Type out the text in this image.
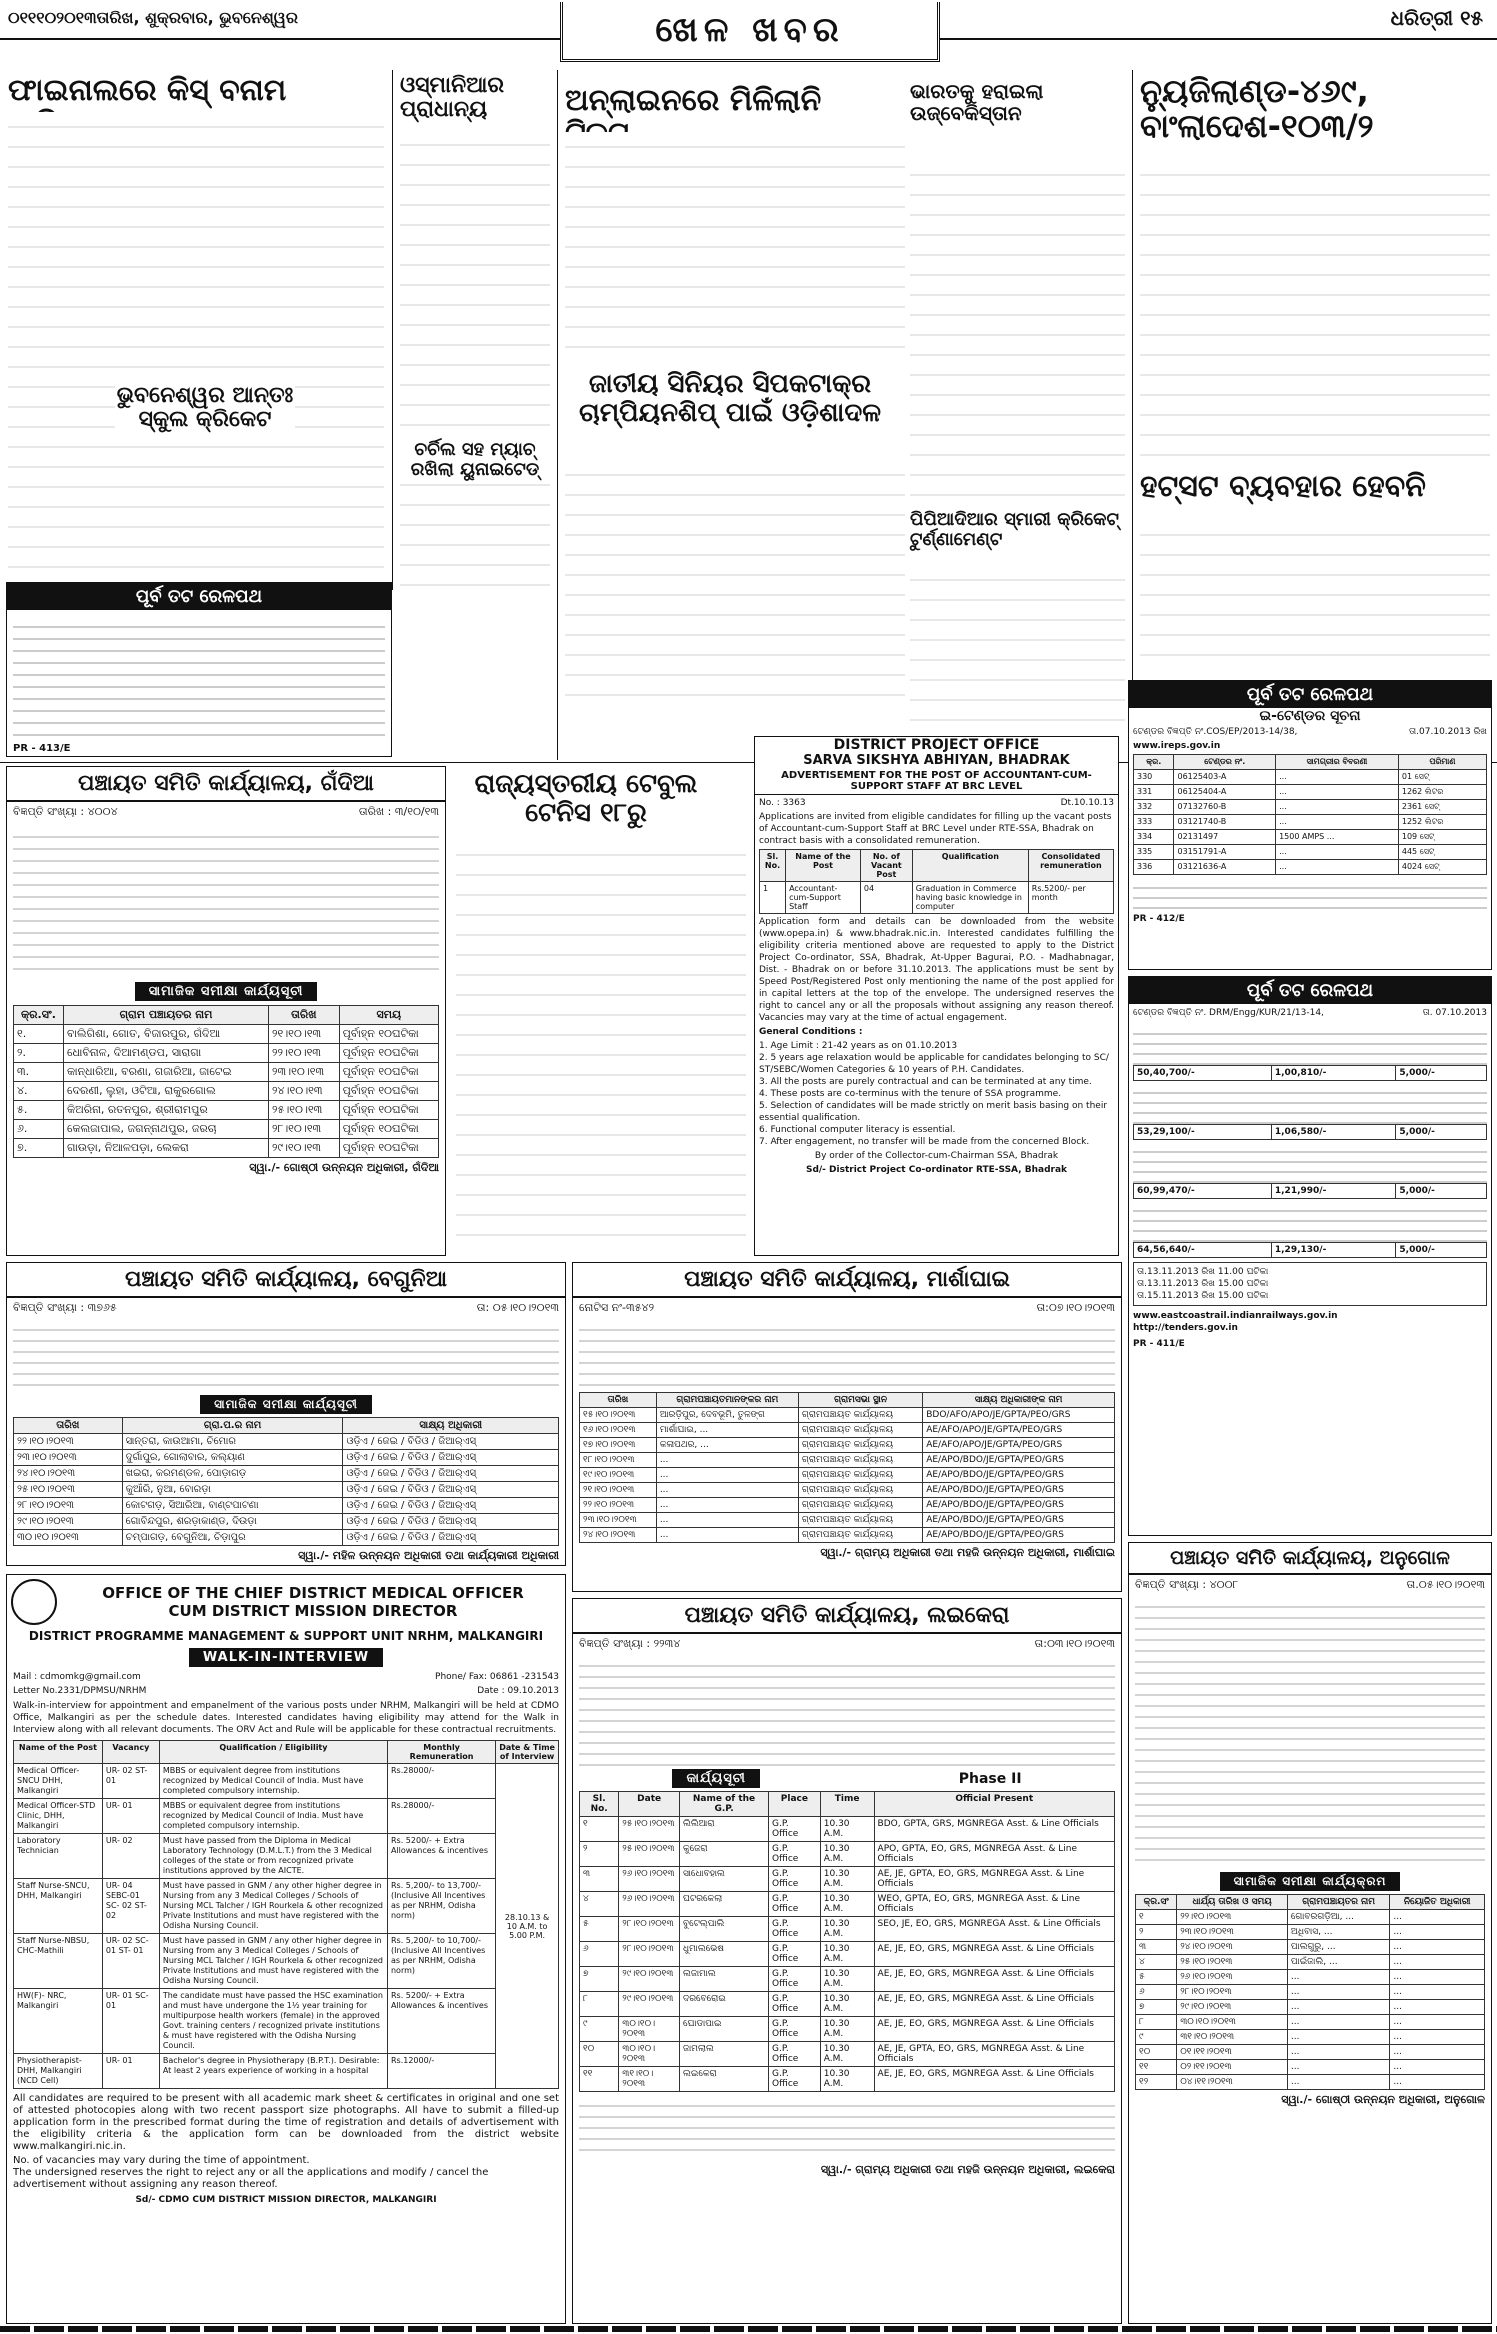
୦୧୧୧୦୨୦୧୩ତାରିଖ, ଶୁକ୍ରବାର, ଭୁବନେଶ୍ୱର	ଖେଳ ଖବର	ଧରିତ୍ରୀ ୧୫
ଫାଇନାଲରେ କିସ୍ ବନାମ
ଭୁବନେଶ୍ୱର ଆନ୍ତଃ ସ୍କୁଲ କ୍ରିକେଟ
ଓସ୍‌ମାନିଆର ପ୍ରାଧାନ୍ୟ
ଚର୍ଚିଲ ସହ ମ୍ୟାଚ୍ ରଖିଲା ୟୁନାଇଟେଡ୍
ଅନ୍‌ଲାଇନରେ ମିଳିଲାନି
ଜାତୀୟ ସିନିୟର ସିପକଟାକ୍ର ଚାମ୍ପିୟନଶିପ୍ ପାଇଁ ଓଡ଼ିଶାଦଳ
ଭାରତକୁ ହରାଇଲା ଉଜ୍‌ବେକିସ୍ତାନ
ପିପିଆଦିଆର ସ୍ମାରୀ କ୍ରିକେଟ୍ ଟୁର୍ଣ୍ଣାମେଣ୍ଟ
ନ୍ୟୁଜିଲାଣ୍ଡ-୪୬୯, ବାଂଲାଦେଶ-୧୦୩/୨
ହଟ୍‌ସଟ ବ୍ୟବହାର ହେବନି
ପୂର୍ବ ତଟ ରେଳପଥ
PR - 413/E
ପଞ୍ଚାୟତ ସମିତି କାର୍ଯ୍ୟାଳୟ, ଗଁଦିଆ
ବିଜ୍ଞପ୍ତି ସଂଖ୍ୟା : ୪୦୦୪	ତାରିଖ : ୩/୧୦/୧୩
ସାମାଜିକ ସମୀକ୍ଷା କାର୍ଯ୍ୟସୂଚୀ
କ୍ର.ସଂ.	ଗ୍ରାମ ପଞ୍ଚାୟତର ନାମ	ତାରିଖ	ସମୟ
୧.	ବାଲିଗିଶା, ଗୋତ, ବିଜାରପୁର, ଗଁଦିଆ	୨୧।୧୦।୧୩	ପୂର୍ବାହ୍ନ ୧୦ଘଟିକା
୨.	ଧୋବିନାଳ, ଦିଆମଣ୍ଡପ, ସାରାଗା	୨୨।୧୦।୧୩	ପୂର୍ବାହ୍ନ ୧୦ଘଟିକା
୩.	କାନ୍ଧାରିଆ, ବରଣା, ଗଜାରିଆ, ଜାଟେଇ	୨୩।୧୦।୧୩	ପୂର୍ବାହ୍ନ ୧୦ଘଟିକା
୪.	ଦେରଣୀ, ଲୁହା, ଓଟିଆ, ରାକୁରଗୋଲ	୨୪।୧୦।୧୩	ପୂର୍ବାହ୍ନ ୧୦ଘଟିକା
୫.	କିଅରିନା, ରତନପୁର, ଶ୍ରୀରାମପୁର	୨୫।୧୦।୧୩	ପୂର୍ବାହ୍ନ ୧୦ଘଟିକା
୬.	କେଲଜାପାଲ, ଜଗନ୍ନାଥପୁର, ଜରଚା	୨୮।୧୦।୧୩	ପୂର୍ବାହ୍ନ ୧୦ଘଟିକା
୭.	ଗାଉଡ଼ା, ନିଆଳପଡ଼ା, ଲେକରା	୨୯।୧୦।୧୩	ପୂର୍ବାହ୍ନ ୧୦ଘଟିକା
ସ୍ୱା./- ଗୋଷ୍ଠୀ ଉନ୍ନୟନ ଅଧିକାରୀ, ଗଁଦିଆ
ରାଜ୍ୟସ୍ତରୀୟ ଟେବୁଲ ଟେନିସ ୧୮ରୁ
DISTRICT PROJECT OFFICE
SARVA SIKSHYA ABHIYAN, BHADRAK
ADVERTISEMENT FOR THE POST OF ACCOUNTANT-CUM-SUPPORT STAFF AT BRC LEVEL
No. : 3363	Dt.10.10.13
Applications are invited from eligible candidates for filling up the vacant posts of Accountant-cum-Support Staff at BRC Level under RTE-SSA, Bhadrak on contract basis with a consolidated remuneration.
Sl. No.	Name of the Post	No. of Vacant Post	Qualification	Consolidated remuneration
1	Accountant-cum-Support Staff	04	Graduation in Commerce having basic knowledge in computer	Rs.5200/- per month
Application form and details can be downloaded from the website (www.opepa.in) & www.bhadrak.nic.in. Interested candidates fulfilling the eligibility criteria mentioned above are requested to apply to the District Project Co-ordinator, SSA, Bhadrak, At-Upper Bagurai, P.O. - Madhabnagar, Dist. - Bhadrak on or before 31.10.2013. The applications must be sent by Speed Post/Registered Post only mentioning the name of the post applied for in capital letters at the top of the envelope. The undersigned reserves the right to cancel any or all the proposals without assigning any reason thereof. Vacancies may vary at the time of actual engagement.
General Conditions :
1. Age Limit : 21-42 years as on 01.10.2013
2. 5 years age relaxation would be applicable for candidates belonging to SC/ ST/SEBC/Women Categories & 10 years of P.H. Candidates.
3. All the posts are purely contractual and can be terminated at any time.
4. These posts are co-terminus with the tenure of SSA programme.
5. Selection of candidates will be made strictly on merit basis basing on their essential qualification.
6. Functional computer literacy is essential.
7. After engagement, no transfer will be made from the concerned Block.
By order of the Collector-cum-Chairman SSA, Bhadrak
Sd/- District Project Co-ordinator RTE-SSA, Bhadrak
ପୂର୍ବ ତଟ ରେଳପଥ
ଇ-ଟେଣ୍ଡର ସୂଚନା
ଟେଣ୍ଡର ବିଜ୍ଞପ୍ତି ନଂ.COS/EP/2013-14/38,	ତା.07.10.2013 ରିଖ
www.ireps.gov.in
କ୍ର.	ଟେଣ୍ଡର ନଂ.	ସାମଗ୍ରୀର ବିବରଣୀ	ପରିମାଣ
330	06125403-A	...	01 ସେଟ୍
331	06125404-A	...	1262 ଲିଟର
332	07132760-B	...	2361 ସେଟ୍
333	03121740-B	...	1252 ଲିଟର
334	02131497	1500 AMPS ...	109 ସେଟ୍
335	03151791-A	...	445 ସେଟ୍
336	03121636-A	...	4024 ସେଟ୍
PR - 412/E
ପୂର୍ବ ତଟ ରେଳପଥ
ଟେଣ୍ଡର ବିଜ୍ଞପ୍ତି ନଂ. DRM/Engg/KUR/21/13-14,	ତା. 07.10.2013
50,40,700/-	1,00,810/-	5,000/-
53,29,100/-	1,06,580/-	5,000/-
60,99,470/-	1,21,990/-	5,000/-
64,56,640/-	1,29,130/-	5,000/-
ତା.13.11.2013 ରିଖ 11.00 ଘଟିକା
ତା.13.11.2013 ରିଖ 15.00 ଘଟିକା
ତା.15.11.2013 ରିଖ 15.00 ଘଟିକା
www.eastcoastrail.indianrailways.gov.in
http://tenders.gov.in
PR - 411/E
ପଞ୍ଚାୟତ ସମିତି କାର୍ଯ୍ୟାଳୟ, ବେଗୁନିଆ
ବିଜ୍ଞପ୍ତି ସଂଖ୍ୟା : ୩୭୬୫	ତା: ୦୫।୧୦।୨୦୧୩
ସାମାଜିକ ସମୀକ୍ଷା କାର୍ଯ୍ୟସୂଚୀ
ତାରିଖ	ଗ୍ରା.ପ.ର ନାମ	ସାକ୍ଷ୍ୟ ଅଧିକାରୀ
୨୨।୧୦।୨୦୧୩	ସାନ୍ତରା, କାଉଆମା, ଚିମୋର	ଓଡ଼ିଏ / ଜେଇ / ବିଡିଓ / ଜିଆର୍‌ଏସ୍
୨୩।୧୦।୨୦୧୩	ଦୁର୍ଗାପୁର, ଗୋଲାବାର, କଲ୍ୟାଣ	ଓଡ଼ିଏ / ଜେଇ / ବିଡିଓ / ଜିଆର୍‌ଏସ୍
୨୪।୧୦।୨୦୧୩	ଖଇରା, କରମଣ୍ଡଳ, ପୋଡ଼ାଗଡ଼	ଓଡ଼ିଏ / ଜେଇ / ବିଡିଓ / ଜିଆର୍‌ଏସ୍
୨୫।୧୦।୨୦୧୩	କୁଆଁରି, ନୁଆ, ବୋରଡ଼ା	ଓଡ଼ିଏ / ଜେଇ / ବିଡିଓ / ଜିଆର୍‌ଏସ୍
୨୮।୧୦।୨୦୧୩	କୋଟଗଡ଼, ସିଆରିଆ, ବାଣ୍ଟପାଟଣା	ଓଡ଼ିଏ / ଜେଇ / ବିଡିଓ / ଜିଆର୍‌ଏସ୍
୨୯।୧୦।୨୦୧୩	ଗୋବିନ୍ଦପୁର, ଶରଡ଼ାକାଣ୍ଡ, ଦିଉଡ଼ା	ଓଡ଼ିଏ / ଜେଇ / ବିଡିଓ / ଜିଆର୍‌ଏସ୍
୩୦।୧୦।୨୦୧୩	ଚମ୍ପାଗଡ଼, ବେଗୁନିଆ, ଚିଡ଼ାପୁର	ଓଡ଼ିଏ / ଜେଇ / ବିଡିଓ / ଜିଆର୍‌ଏସ୍
ସ୍ୱା./- ମହିଳ ଉନ୍ନୟନ ଅଧିକାରୀ ତଥା କାର୍ଯ୍ୟକାରୀ ଅଧିକାରୀ
ପଞ୍ଚାୟତ ସମିତି କାର୍ଯ୍ୟାଳୟ, ମାର୍ଶାଘାଇ
ନୋଟିସ ନଂ-୩୫୪୨	ତା:୦୭।୧୦।୨୦୧୩
ତାରିଖ	ଗ୍ରାମପଞ୍ଚାୟତମାନଙ୍କର ନାମ	ଗ୍ରାମସଭା ସ୍ଥାନ	ସାକ୍ଷ୍ୟ ଅଧିକାରୀଙ୍କ ନାମ
୧୫।୧୦।୨୦୧୩	ଆରଡ଼ିପୁର, ଦେବଭୂମି, ତୁଳଙ୍ଗ	ଗ୍ରାମପଞ୍ଚାୟତ କାର୍ଯ୍ୟାଳୟ	BDO/AFO/APO/JE/GPTA/PEO/GRS
୧୬।୧୦।୨୦୧୩	ମାର୍ଶାଘାଇ, ...	ଗ୍ରାମପଞ୍ଚାୟତ କାର୍ଯ୍ୟାଳୟ	AE/AFO/APO/JE/GPTA/PEO/GRS
୧୭।୧୦।୨୦୧୩	କଳାପଥର, ...	ଗ୍ରାମପଞ୍ଚାୟତ କାର୍ଯ୍ୟାଳୟ	AE/AFO/APO/JE/GPTA/PEO/GRS
୧୮।୧୦।୨୦୧୩	...	ଗ୍ରାମପଞ୍ଚାୟତ କାର୍ଯ୍ୟାଳୟ	AE/APO/BDO/JE/GPTA/PEO/GRS
୧୯।୧୦।୨୦୧୩	...	ଗ୍ରାମପଞ୍ଚାୟତ କାର୍ଯ୍ୟାଳୟ	AE/APO/BDO/JE/GPTA/PEO/GRS
୨୧।୧୦।୨୦୧୩	...	ଗ୍ରାମପଞ୍ଚାୟତ କାର୍ଯ୍ୟାଳୟ	AE/APO/BDO/JE/GPTA/PEO/GRS
୨୨।୧୦।୨୦୧୩	...	ଗ୍ରାମପଞ୍ଚାୟତ କାର୍ଯ୍ୟାଳୟ	AE/APO/BDO/JE/GPTA/PEO/GRS
୨୩।୧୦।୨୦୧୩	...	ଗ୍ରାମପଞ୍ଚାୟତ କାର୍ଯ୍ୟାଳୟ	AE/APO/BDO/JE/GPTA/PEO/GRS
୨୪।୧୦।୨୦୧୩	...	ଗ୍ରାମପଞ୍ଚାୟତ କାର୍ଯ୍ୟାଳୟ	AE/APO/BDO/JE/GPTA/PEO/GRS
ସ୍ୱା./- ଗ୍ରାମ୍ୟ ଅଧିକାରୀ ତଥା ମହଜି ଉନ୍ନୟନ ଅଧିକାରୀ, ମାର୍ଶାଘାଇ
OFFICE OF THE CHIEF DISTRICT MEDICAL OFFICER
CUM DISTRICT MISSION DIRECTOR
DISTRICT PROGRAMME MANAGEMENT & SUPPORT UNIT NRHM, MALKANGIRI
WALK-IN-INTERVIEW
Mail : cdmomkg@gmail.com	Phone/ Fax: 06861 -231543
Letter No.2331/DPMSU/NRHM	Date : 09.10.2013
Walk-in-interview for appointment and empanelment of the various posts under NRHM, Malkangiri will be held at CDMO Office, Malkangiri as per the schedule dates. Interested candidates having eligibility may attend for the Walk in Interview along with all relevant documents. The ORV Act and Rule will be applicable for these contractual recruitments.
Name of the Post	Vacancy	Qualification / Eligibility	Monthly Remuneration	Date & Time of Interview
Medical Officer-SNCU DHH, Malkangiri	UR- 02 ST- 01	MBBS or equivalent degree from institutions recognized by Medical Council of India. Must have completed compulsory internship.	Rs.28000/-	28.10.13 & 10 A.M. to 5.00 P.M.
Medical Officer-STD Clinic, DHH, Malkangiri	UR- 01	MBBS or equivalent degree from institutions recognized by Medical Council of India. Must have completed compulsory internship.	Rs.28000/-	
Laboratory Technician	UR- 02	Must have passed from the Diploma in Medical Laboratory Technology (D.M.L.T.) from the 3 Medical colleges of the state or from recognized private institutions approved by the AICTE.	Rs. 5200/- + Extra Allowances & incentives	
Staff Nurse-SNCU, DHH, Malkangiri	UR- 04 SEBC-01 SC- 02 ST- 02	Must have passed in GNM / any other higher degree in Nursing from any 3 Medical Colleges / Schools of Nursing MCL Talcher / IGH Rourkela & other recognized Private Institutions and must have registered with the Odisha Nursing Council.	Rs. 5,200/- to 13,700/- (Inclusive All Incentives as per NRHM, Odisha norm)	
Staff Nurse-NBSU, CHC-Mathili	UR- 02 SC- 01 ST- 01	Must have passed in GNM / any other higher degree in Nursing from any 3 Medical Colleges / Schools of Nursing MCL Talcher / IGH Rourkela & other recognized Private Institutions and must have registered with the Odisha Nursing Council.	Rs. 5,200/- to 10,700/- (Inclusive All Incentives as per NRHM, Odisha norm)	
HW(F)- NRC, Malkangiri	UR- 01 SC- 01	The candidate must have passed the HSC examination and must have undergone the 1½ year training for multipurpose health workers (female) in the approved Govt. training centers / recognized private institutions & must have registered with the Odisha Nursing Council.	Rs. 5200/- + Extra Allowances & incentives	
Physiotherapist-DHH, Malkangiri (NCD Cell)	UR- 01	Bachelor's degree in Physiotherapy (B.P.T.). Desirable: At least 2 years experience of working in a hospital	Rs.12000/-	
All candidates are required to be present with all academic mark sheet & certificates in original and one set of attested photocopies along with two recent passport size photographs. All have to submit a filled-up application form in the prescribed format during the time of registration and details of advertisement with the eligibility criteria & the application form can be downloaded from the district website www.malkangiri.nic.in.
No. of vacancies may vary during the time of appointment.
The undersigned reserves the right to reject any or all the applications and modify / cancel the advertisement without assigning any reason thereof.
Sd/- CDMO CUM DISTRICT MISSION DIRECTOR, MALKANGIRI
ପଞ୍ଚାୟତ ସମିତି କାର୍ଯ୍ୟାଳୟ, ଲଇକେରା
ବିଜ୍ଞପ୍ତି ସଂଖ୍ୟା : ୨୨୩୪	ତା:୦୩।୧୦।୨୦୧୩
କାର୍ଯ୍ୟସୂଚୀ	Phase II
Sl. No.	Date	Name of the G.P.	Place	Time	Official Present
୧	୨୫।୧୦।୨୦୧୩	ଲିଲିଆରା	G.P. Office	10.30 A.M.	BDO, GPTA, GRS, MGNREGA Asst. & Line Officials
୨	୨୫।୧୦।୨୦୧୩	କୁଜେରା	G.P. Office	10.30 A.M.	APO, GPTA, EO, GRS, MGNREGA Asst. & Line Officials
୩	୨୬।୧୦।୨୦୧୩	ସାଧୋବହାଲ	G.P. Office	10.30 A.M.	AE, JE, GPTA, EO, GRS, MGNREGA Asst. & Line Officials
୪	୨୬।୧୦।୨୦୧୩	ଘଟରକେଲା	G.P. Office	10.30 A.M.	WEO, GPTA, EO, GRS, MGNREGA Asst. & Line Officials
୫	୨୮।୧୦।୨୦୧୩	ବୁଟେଲ୍ପାଲି	G.P. Office	10.30 A.M.	SEO, JE, EO, GRS, MGNREGA Asst. & Line Officials
୬	୨୮।୧୦।୨୦୧୩	ଧୁମାଲଭେଷ	G.P. Office	10.30 A.M.	AE, JE, EO, GRS, MGNREGA Asst. & Line Officials
୭	୨୯।୧୦।୨୦୧୩	ଲଜାମାଲ	G.P. Office	10.30 A.M.	AE, JE, EO, GRS, MGNREGA Asst. & Line Officials
୮	୨୯।୧୦।୨୦୧୩	ଦରବେରୋଇ	G.P. Office	10.30 A.M.	AE, JE, EO, GRS, MGNREGA Asst. & Line Officials
୯	୩୦।୧୦।୨୦୧୩	ଘୋଡାପାଇ	G.P. Office	10.30 A.M.	AE, JE, EO, GRS, MGNREGA Asst. & Line Officials
୧୦	୩୦।୧୦।୨୦୧୩	ଜାମଲାଲ	G.P. Office	10.30 A.M.	AE, JE, GPTA, EO, GRS, MGNREGA Asst. & Line Officials
୧୧	୩୧।୧୦।୨୦୧୩	ଲଇକେରା	G.P. Office	10.30 A.M.	AE, JE, EO, GRS, MGNREGA Asst. & Line Officials
ସ୍ୱା./- ଗ୍ରାମ୍ୟ ଅଧିକାରୀ ତଥା ମହଜି ଉନ୍ନୟନ ଅଧିକାରୀ, ଲଇକେରା
ପଞ୍ଚାୟତ ସମିତି କାର୍ଯ୍ୟାଳୟ, ଅନୁଗୋଳ
ବିଜ୍ଞପ୍ତି ସଂଖ୍ୟା : ୪୦୦୮	ତା.୦୫।୧୦।୨୦୧୩
ସାମାଜିକ ସମୀକ୍ଷା କାର୍ଯ୍ୟକ୍ରମ
କ୍ର.ସଂ	ଧାର୍ଯ୍ୟ ତାରିଖ ଓ ସମୟ	ଗ୍ରାମପଞ୍ଚାୟତର ନାମ	ନିୟୋଜିତ ଅଧିକାରୀ
୧	୨୨।୧୦।୨୦୧୩	ଗୋବରଗଡ଼ିଆ, ...	...
୨	୨୩।୧୦।୨୦୧୩	ଅଧିବାସ, ...	...
୩	୨୪।୧୦।୨୦୧୩	ପାଲଗୁରୁ, ...	...
୪	୨୫।୧୦।୨୦୧୩	ପାଇଁଜାଲି, ...	...
୫	୨୬।୧୦।୨୦୧୩	...	...
୬	୨୮।୧୦।୨୦୧୩	...	...
୭	୨୯।୧୦।୨୦୧୩	...	...
୮	୩୦।୧୦।୨୦୧୩	...	...
୯	୩୧।୧୦।୨୦୧୩	...	...
୧୦	୦୧।୧୧।୨୦୧୩	...	...
୧୧	୦୨।୧୧।୨୦୧୩	...	...
୧୨	୦୪।୧୧।୨୦୧୩	...	...
ସ୍ୱା./- ଗୋଷ୍ଠୀ ଉନ୍ନୟନ ଅଧିକାରୀ, ଅନୁଗୋଳ
